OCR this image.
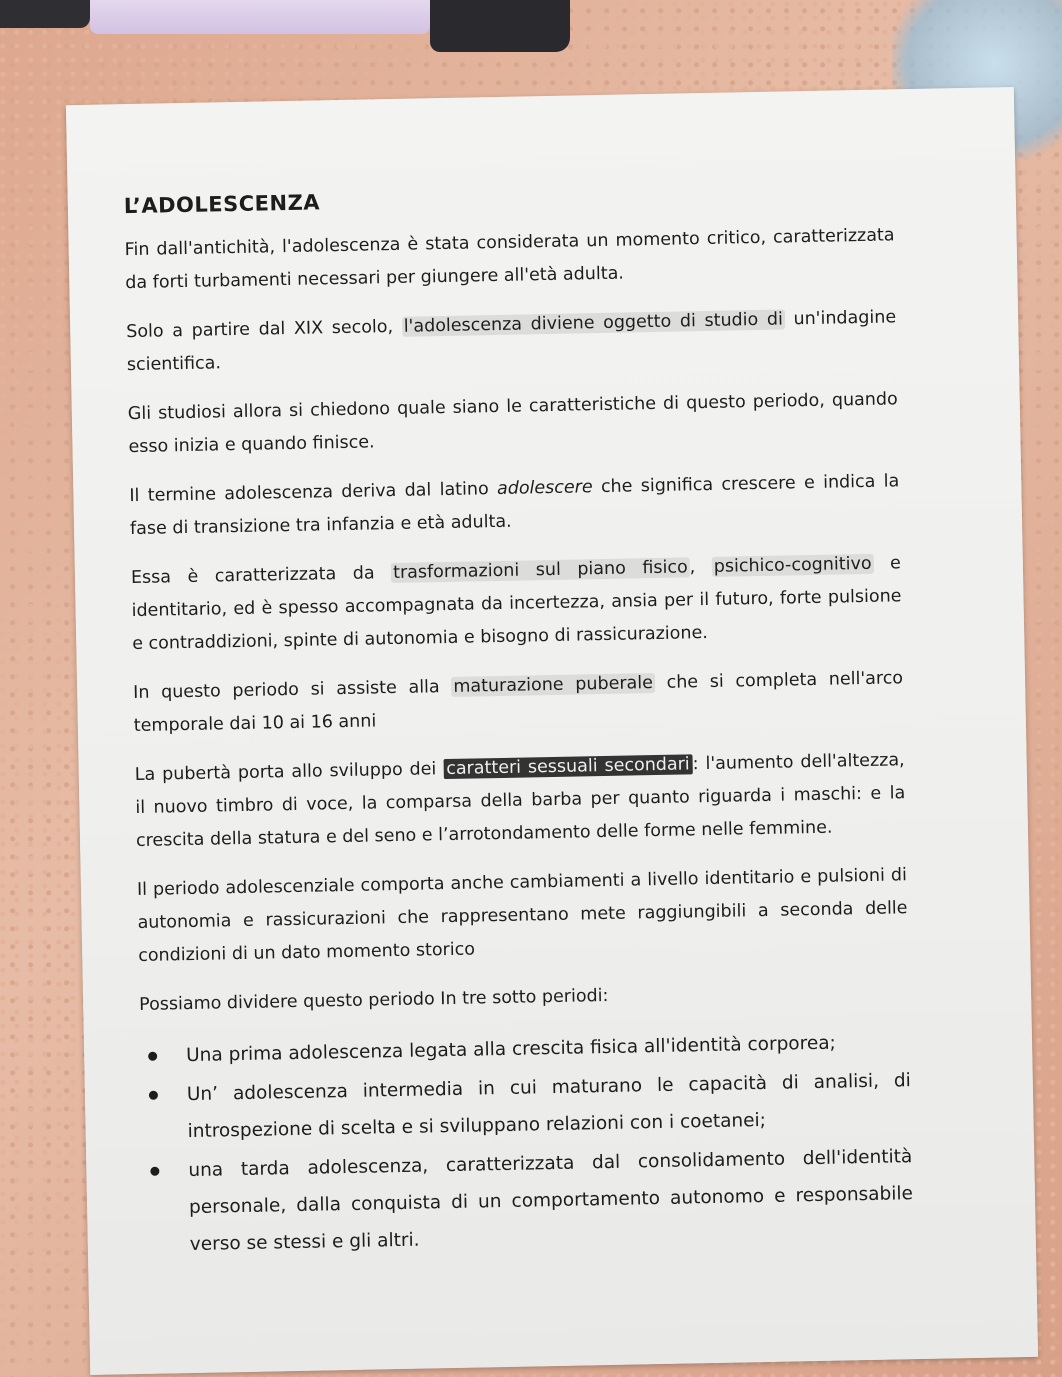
L’ADOLESCENZA

Fin dall'antichità, l'adolescenza è stata considerata un momento critico, caratterizzata da forti turbamenti necessari per giungere all'età adulta.

Solo a partire dal XIX secolo, l'adolescenza diviene oggetto di studio di un'indagine scientifica.

Gli studiosi allora si chiedono quale siano le caratteristiche di questo periodo, quando esso inizia e quando finisce.

Il termine adolescenza deriva dal latino adolescere che significa crescere e indica la fase di transizione tra infanzia e età adulta.

Essa è caratterizzata da trasformazioni sul piano fisico, psichico-cognitivo e identitario, ed è spesso accompagnata da incertezza, ansia per il futuro, forte pulsione e contraddizioni, spinte di autonomia e bisogno di rassicurazione.

In questo periodo si assiste alla maturazione puberale che si completa nell'arco temporale dai 10 ai 16 anni

La pubertà porta allo sviluppo dei caratteri sessuali secondari : l'aumento dell'altezza, il nuovo timbro di voce, la comparsa della barba per quanto riguarda i maschi: e la crescita della statura e del seno e l’arrotondamento delle forme nelle femmine.

Il periodo adolescenziale comporta anche cambiamenti a livello identitario e pulsioni di autonomia e rassicurazioni che rappresentano mete raggiungibili a seconda delle condizioni di un dato momento storico

Possiamo dividere questo periodo In tre sotto periodi:

Una prima adolescenza legata alla crescita fisica all'identità corporea;
Un’ adolescenza intermedia in cui maturano le capacità di analisi, di introspezione di scelta e si sviluppano relazioni con i coetanei;
una tarda adolescenza, caratterizzata dal consolidamento dell'identità personale, dalla conquista di un comportamento autonomo e responsabile verso se stessi e gli altri.
